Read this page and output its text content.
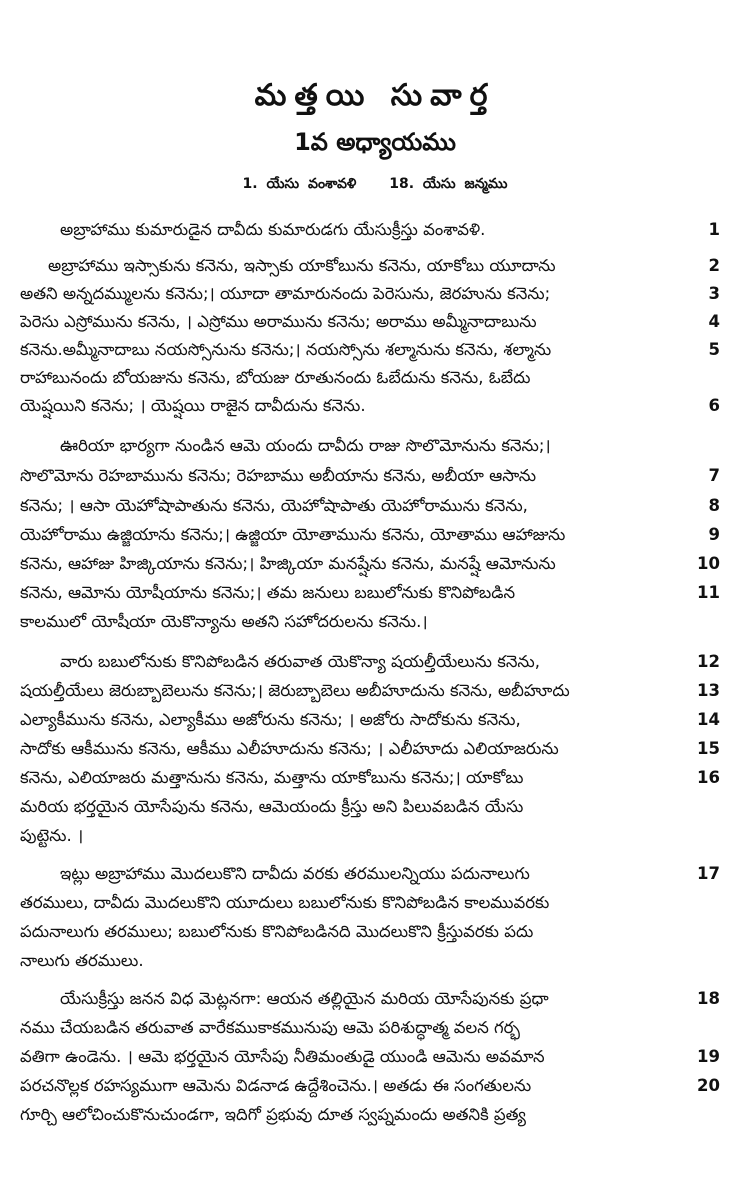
మత్తయి సువార్త
1వ అధ్యాయము
1. యేసు వంశావళి 18. యేసు జన్మము
అబ్రాహాము కుమారుడైన దావీదు కుమారుడగు యేసుక్రీస్తు వంశావళి.	1
అబ్రాహాము ఇస్సాకును కనెను, ఇస్సాకు యాకోబును కనెను, యాకోబు యూదాను	2
అతని అన్నదమ్ములను కనెను;। యూదా తామారునందు పెరెసును, జెరహును కనెను;	3
పెరెసు ఎస్రోమును కనెను, । ఎస్రోము అరామును కనెను; అరాము అమ్మీనాదాబును	4
కనెను.అమ్మీనాదాబు నయస్సోనును కనెను;। నయస్సోను శల్మానును కనెను, శల్మాను	5
రాహాబునందు బోయజును కనెను, బోయజు రూతునందు ఓబేదును కనెను, ఓబేదు
యెష్షయిని కనెను; । యెష్షయి రాజైన దావీదును కనెను.	6
ఊరియా భార్యగా నుండిన ఆమె యందు దావీదు రాజు సొలొమోనును కనెను;।
సొలొమోను రెహబామును కనెను; రెహబాము అబీయాను కనెను, అబీయా ఆసాను	7
కనెను; । ఆసా యెహోషాపాతును కనెను, యెహోషాపాతు యెహోరామును కనెను,	8
యెహోరాము ఉజ్జియాను కనెను;। ఉజ్జియా యోతామును కనెను, యోతాము ఆహాజును	9
కనెను, ఆహాజు హిజ్కియాను కనెను;। హిజ్కియా మనష్షేను కనెను, మనష్షే ఆమోనును	10
కనెను, ఆమోను యోషీయాను కనెను;। తమ జనులు బబులోనుకు కొనిపోబడిన	11
కాలములో యోషీయా యెకొన్యాను అతని సహోదరులను కనెను.।
వారు బబులోనుకు కొనిపోబడిన తరువాత యెకొన్యా షయల్తీయేలును కనెను,	12
షయల్తీయేలు జెరుబ్బాబెలును కనెను;। జెరుబ్బాబెలు అబీహూదును కనెను, అబీహూదు	13
ఎల్యాకీమును కనెను, ఎల్యాకీము అజోరును కనెను; । అజోరు సాదోకును కనెను,	14
సాదోకు ఆకీమును కనెను, ఆకీము ఎలీహూదును కనెను; । ఎలీహూదు ఎలియాజరును	15
కనెను, ఎలియాజరు మత్తానును కనెను, మత్తాను యాకోబును కనెను;। యాకోబు	16
మరియ భర్తయైన యోసేపును కనెను, ఆమెయందు క్రీస్తు అని పిలువబడిన యేసు
పుట్టెను. ।
ఇట్లు అబ్రాహాము మొదలుకొని దావీదు వరకు తరములన్నియు పదునాలుగు	17
తరములు, దావీదు మొదలుకొని యూదులు బబులోనుకు కొనిపోబడిన కాలమువరకు
పదునాలుగు తరములు; బబులోనుకు కొనిపోబడినది మొదలుకొని క్రీస్తువరకు పదు
నాలుగు తరములు.
యేసుక్రీస్తు జనన విధ మెట్లనగా: ఆయన తల్లియైన మరియ యోసేపునకు ప్రధా	18
నము చేయబడిన తరువాత వారేకముకాకమునుపు ఆమె పరిశుద్ధాత్మ వలన గర్భ
వతిగా ఉండెను. । ఆమె భర్తయైన యోసేపు నీతిమంతుడై యుండి ఆమెను అవమాన	19
పరచనొల్లక రహస్యముగా ఆమెను విడనాడ ఉద్దేశించెను.। అతడు ఈ సంగతులను	20
గూర్చి ఆలోచించుకొనుచుండగా, ఇదిగో ప్రభువు దూత స్వప్నమందు అతనికి ప్రత్య
